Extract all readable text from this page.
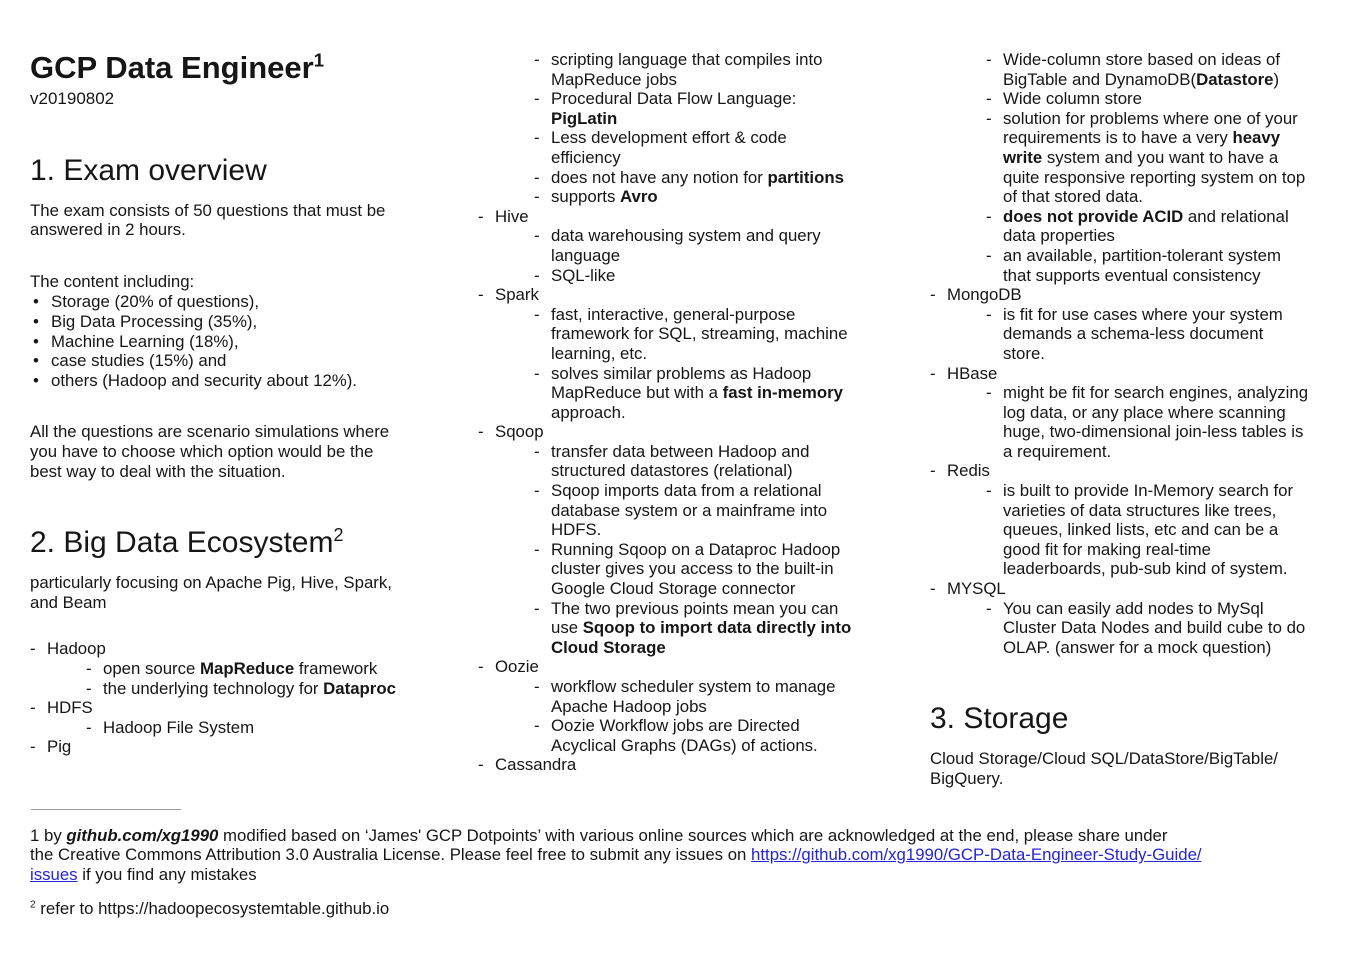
GCP Data Engineer$^1$
v20190802
1. Exam overview
The exam consists of 50 questions that must be
answered in 2 hours.
The content including:
• Storage (20% of questions),
• Big Data Processing (35%),
• Machine Learning (18%),
• case studies (15%) and
• others (Hadoop and security about 12%).
All the questions are scenario simulations where
you have to choose which option would be the
best way to deal with the situation.
2. Big Data Ecosystem$^2$
particularly focusing on Apache Pig, Hive, Spark,
and Beam
- Hadoop
- open source MapReduce framework
- the underlying technology for Dataproc
- HDFS
- Hadoop File System
- Pig
- scripting language that compiles into
MapReduce jobs
- Procedural Data Flow Language:
PigLatin
- Less development effort & code
efficiency
- does not have any notion for partitions
- supports Avro
- Hive
- data warehousing system and query
language
- SQL-like
- Spark
- fast, interactive, general-purpose
framework for SQL, streaming, machine
learning, etc.
- solves similar problems as Hadoop
MapReduce but with a fast in-memory
approach.
- Sqoop
- transfer data between Hadoop and
structured datastores (relational)
- Sqoop imports data from a relational
database system or a mainframe into
HDFS.
- Running Sqoop on a Dataproc Hadoop
cluster gives you access to the built-in
Google Cloud Storage connector
- The two previous points mean you can
use Sqoop to import data directly into
Cloud Storage
- Oozie
- workflow scheduler system to manage
Apache Hadoop jobs
- Oozie Workflow jobs are Directed
Acyclical Graphs (DAGs) of actions.
- Cassandra
- Wide-column store based on ideas of
BigTable and DynamoDB(Datastore)
- Wide column store
- solution for problems where one of your
requirements is to have a very heavy
write system and you want to have a
quite responsive reporting system on top
of that stored data.
- does not provide ACID and relational
data properties
- an available, partition-tolerant system
that supports eventual consistency
- MongoDB
- is fit for use cases where your system
demands a schema-less document
store.
- HBase
- might be fit for search engines, analyzing
log data, or any place where scanning
huge, two-dimensional join-less tables is
a requirement.
- Redis
- is built to provide In-Memory search for
varieties of data structures like trees,
queues, linked lists, etc and can be a
good fit for making real-time
leaderboards, pub-sub kind of system.
- MYSQL
- You can easily add nodes to MySql
Cluster Data Nodes and build cube to do
OLAP. (answer for a mock question)
3. Storage
Cloud Storage/Cloud SQL/DataStore/BigTable/
BigQuery.
1 by github.com/xg1990 modified based on ‘James' GCP Dotpoints’ with various online sources which are acknowledged at the end, please share under
the Creative Commons Attribution 3.0 Australia License. Please feel free to submit any issues on https://github.com/xg1990/GCP-Data-Engineer-Study-Guide/
issues if you find any mistakes
$^2$ refer to https://hadoopecosystemtable.github.io
